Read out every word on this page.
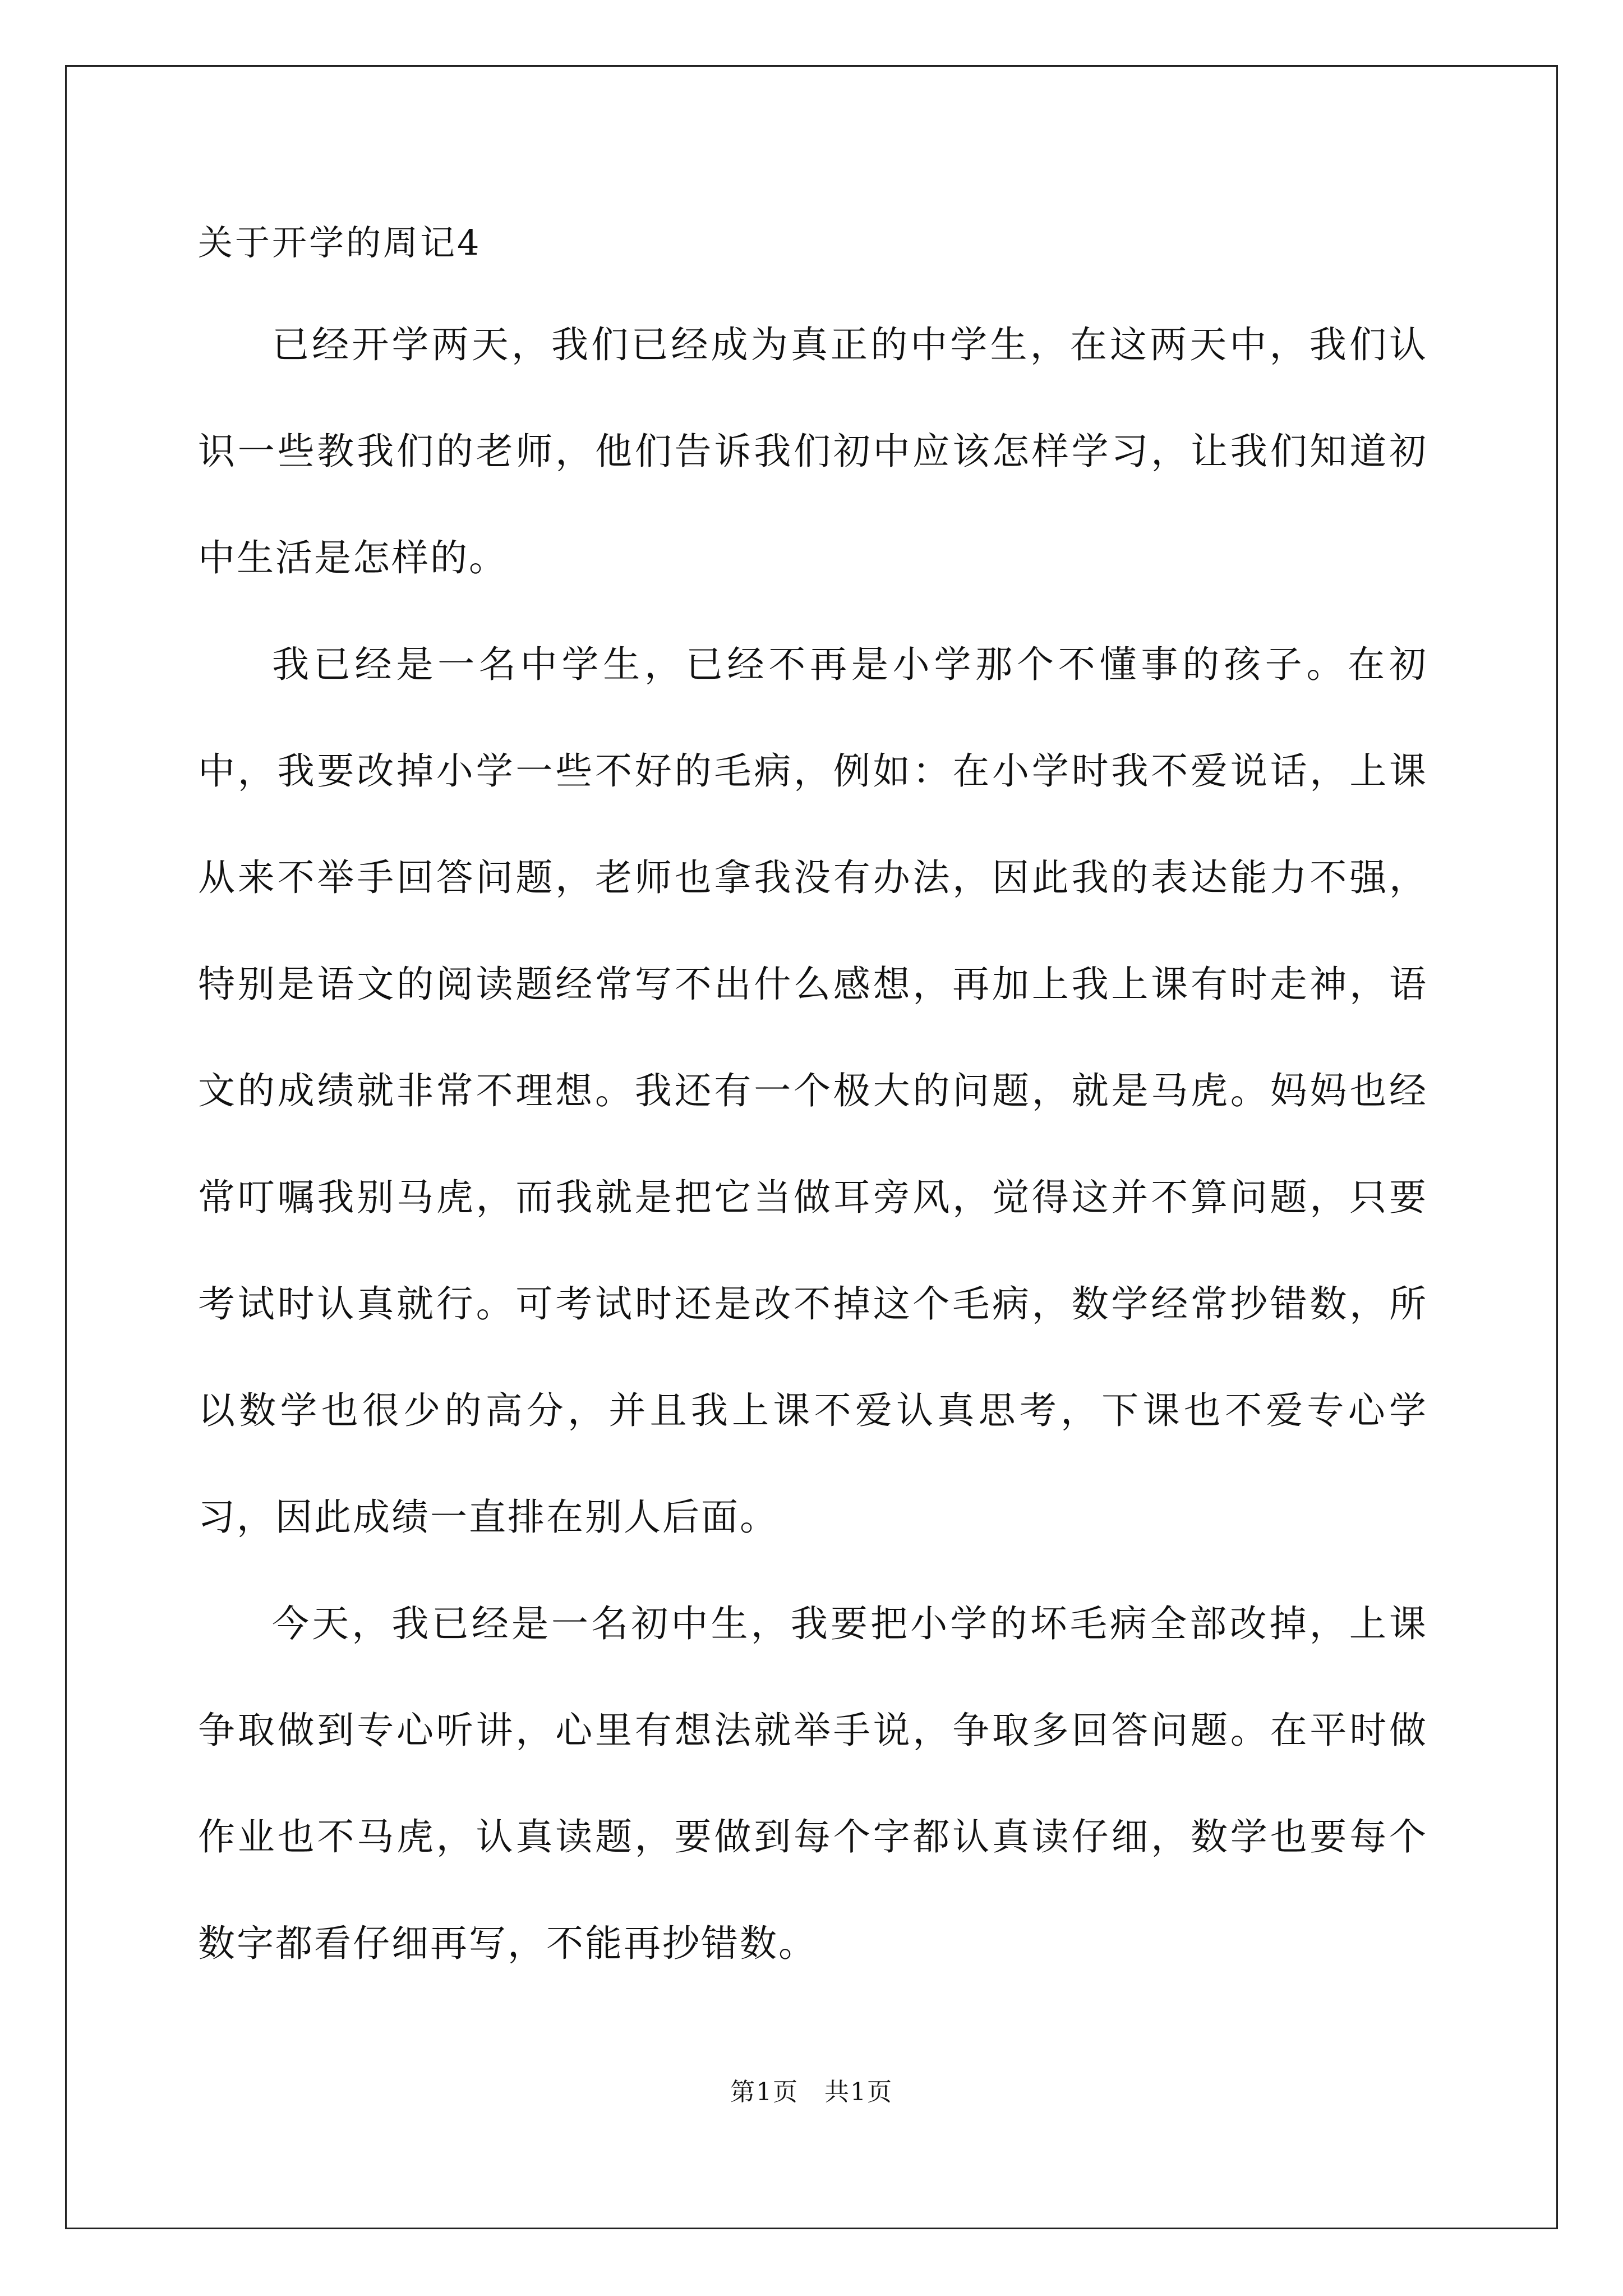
关于开学的周记4

已经开学两天，我们已经成为真正的中学生，在这两天中，我们认识一些教我们的老师，他们告诉我们初中应该怎样学习，让我们知道初中生活是怎样的。

我已经是一名中学生，已经不再是小学那个不懂事的孩子。在初中，我要改掉小学一些不好的毛病，例如：在小学时我不爱说话，上课从来不举手回答问题，老师也拿我没有办法，因此我的表达能力不强，特别是语文的阅读题经常写不出什么感想，再加上我上课有时走神，语文的成绩就非常不理想。我还有一个极大的问题，就是马虎。妈妈也经常叮嘱我别马虎，而我就是把它当做耳旁风，觉得这并不算问题，只要考试时认真就行。可考试时还是改不掉这个毛病，数学经常抄错数，所以数学也很少的高分，并且我上课不爱认真思考，下课也不爱专心学习，因此成绩一直排在别人后面。

今天，我已经是一名初中生，我要把小学的坏毛病全部改掉，上课争取做到专心听讲，心里有想法就举手说，争取多回答问题。在平时做作业也不马虎，认真读题，要做到每个字都认真读仔细，数学也要每个数字都看仔细再写，不能再抄错数。

第1页　共1页
